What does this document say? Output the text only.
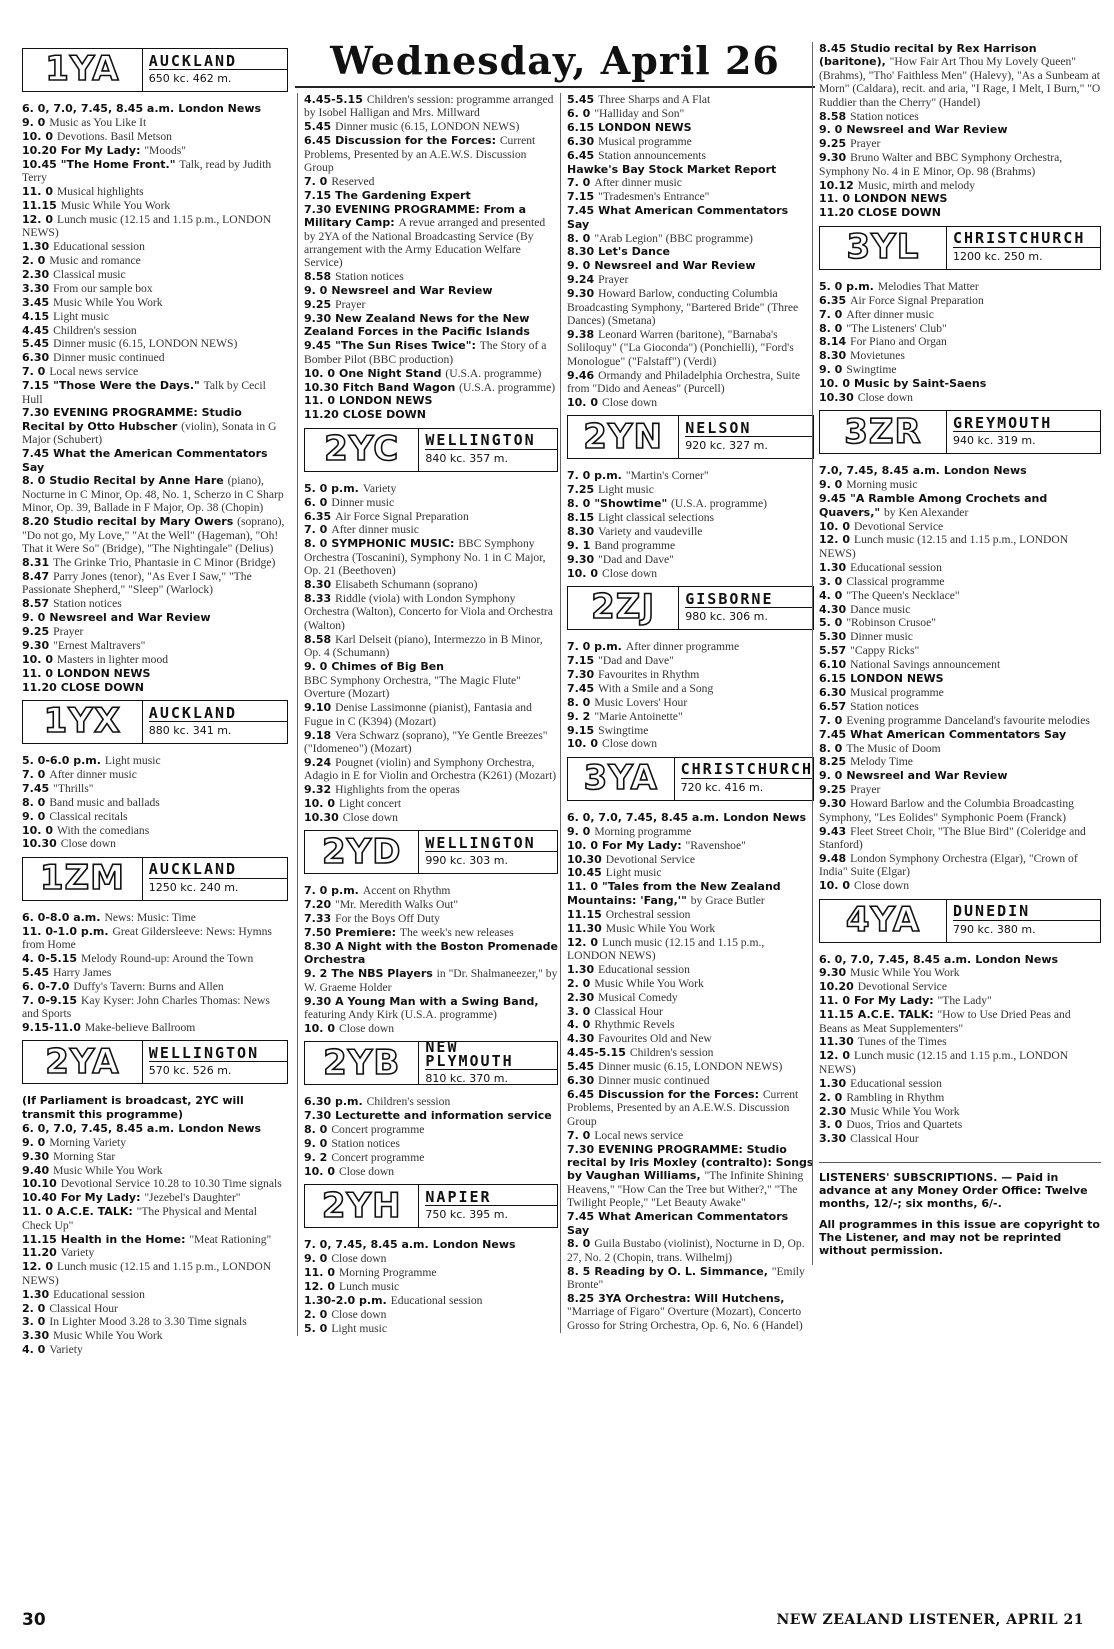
Wednesday, April 26
1YA	AUCKLAND
650 kc. 462 m.
6. 0, 7.0, 7.45, 8.45 a.m. London News
9. 0 Music as You Like It
10. 0 Devotions. Basil Metson
10.20 For My Lady: "Moods"
10.45 "The Home Front." Talk, read by Judith Terry
11. 0 Musical highlights
11.15 Music While You Work
12. 0 Lunch music (12.15 and 1.15 p.m., LONDON NEWS)
1.30 Educational session
2. 0 Music and romance
2.30 Classical music
3.30 From our sample box
3.45 Music While You Work
4.15 Light music
4.45 Children's session
5.45 Dinner music (6.15, LONDON NEWS)
6.30 Dinner music continued
7. 0 Local news service
7.15 "Those Were the Days." Talk by Cecil Hull
7.30 EVENING PROGRAMME: Studio Recital by Otto Hubscher (violin), Sonata in G Major (Schubert)
7.45 What the American Commentators Say
8. 0 Studio Recital by Anne Hare (piano), Nocturne in C Minor, Op. 48, No. 1, Scherzo in C Sharp Minor, Op. 39, Ballade in F Major, Op. 38 (Chopin)
8.20 Studio recital by Mary Owers (soprano), "Do not go, My Love," "At the Well" (Hageman), "Oh! That it Were So" (Bridge), "The Nightingale" (Delius)
8.31 The Grinke Trio, Phantasie in C Minor (Bridge)
8.47 Parry Jones (tenor), "As Ever I Saw," "The Passionate Shepherd," "Sleep" (Warlock)
8.57 Station notices
9. 0 Newsreel and War Review
9.25 Prayer
9.30 "Ernest Maltravers"
10. 0 Masters in lighter mood
11. 0 LONDON NEWS
11.20 CLOSE DOWN
1YX	AUCKLAND
880 kc. 341 m.
5. 0-6.0 p.m. Light music
7. 0 After dinner music
7.45 "Thrills"
8. 0 Band music and ballads
9. 0 Classical recitals
10. 0 With the comedians
10.30 Close down
1ZM	AUCKLAND
1250 kc. 240 m.
6. 0-8.0 a.m. News: Music: Time
11. 0-1.0 p.m. Great Gildersleeve: News: Hymns from Home
4. 0-5.15 Melody Round-up: Around the Town
5.45 Harry James
6. 0-7.0 Duffy's Tavern: Burns and Allen
7. 0-9.15 Kay Kyser: John Charles Thomas: News and Sports
9.15-11.0 Make-believe Ballroom
2YA	WELLINGTON
570 kc. 526 m.
(If Parliament is broadcast, 2YC will transmit this programme)
6. 0, 7.0, 7.45, 8.45 a.m. London News
9. 0 Morning Variety
9.30 Morning Star
9.40 Music While You Work
10.10 Devotional Service 10.28 to 10.30 Time signals
10.40 For My Lady: "Jezebel's Daughter"
11. 0 A.C.E. TALK: "The Physical and Mental Check Up"
11.15 Health in the Home: "Meat Rationing"
11.20 Variety
12. 0 Lunch music (12.15 and 1.15 p.m., LONDON NEWS)
1.30 Educational session
2. 0 Classical Hour
3. 0 In Lighter Mood 3.28 to 3.30 Time signals
3.30 Music While You Work
4. 0 Variety
4.45-5.15 Children's session: programme arranged by Isobel Halligan and Mrs. Millward
5.45 Dinner music (6.15, LONDON NEWS)
6.45 Discussion for the Forces: Current Problems, Presented by an A.E.W.S. Discussion Group
7. 0 Reserved
7.15 The Gardening Expert
7.30 EVENING PROGRAMME: From a Military Camp: A revue arranged and presented by 2YA of the National Broadcasting Service (By arrangement with the Army Education Welfare Service)
8.58 Station notices
9. 0 Newsreel and War Review
9.25 Prayer
9.30 New Zealand News for the New Zealand Forces in the Pacific Islands
9.45 "The Sun Rises Twice": The Story of a Bomber Pilot (BBC production)
10. 0 One Night Stand (U.S.A. programme)
10.30 Fitch Band Wagon (U.S.A. programme)
11. 0 LONDON NEWS
11.20 CLOSE DOWN
2YC	WELLINGTON
840 kc. 357 m.
5. 0 p.m. Variety
6. 0 Dinner music
6.35 Air Force Signal Preparation
7. 0 After dinner music
8. 0 SYMPHONIC MUSIC: BBC Symphony Orchestra (Toscanini), Symphony No. 1 in C Major, Op. 21 (Beethoven)
8.30 Elisabeth Schumann (soprano)
8.33 Riddle (viola) with London Symphony Orchestra (Walton), Concerto for Viola and Orchestra (Walton)
8.58 Karl Delseit (piano), Intermezzo in B Minor, Op. 4 (Schumann)
9. 0 Chimes of Big Ben
BBC Symphony Orchestra, "The Magic Flute" Overture (Mozart)
9.10 Denise Lassimonne (pianist), Fantasia and Fugue in C (K394) (Mozart)
9.18 Vera Schwarz (soprano), "Ye Gentle Breezes" ("Idomeneo") (Mozart)
9.24 Pougnet (violin) and Symphony Orchestra, Adagio in E for Violin and Orchestra (K261) (Mozart)
9.32 Highlights from the operas
10. 0 Light concert
10.30 Close down
2YD	WELLINGTON
990 kc. 303 m.
7. 0 p.m. Accent on Rhythm
7.20 "Mr. Meredith Walks Out"
7.33 For the Boys Off Duty
7.50 Premiere: The week's new releases
8.30 A Night with the Boston Promenade Orchestra
9. 2 The NBS Players in "Dr. Shalmaneezer," by W. Graeme Holder
9.30 A Young Man with a Swing Band, featuring Andy Kirk (U.S.A. programme)
10. 0 Close down
2YB	NEW PLYMOUTH
810 kc. 370 m.
6.30 p.m. Children's session
7.30 Lecturette and information service
8. 0 Concert programme
9. 0 Station notices
9. 2 Concert programme
10. 0 Close down
2YH	NAPIER
750 kc. 395 m.
7. 0, 7.45, 8.45 a.m. London News
9. 0 Close down
11. 0 Morning Programme
12. 0 Lunch music
1.30-2.0 p.m. Educational session
2. 0 Close down
5. 0 Light music
5.45 Three Sharps and A Flat
6. 0 "Halliday and Son"
6.15 LONDON NEWS
6.30 Musical programme
6.45 Station announcements
Hawke's Bay Stock Market Report
7. 0 After dinner music
7.15 "Tradesmen's Entrance"
7.45 What American Commentators Say
8. 0 "Arab Legion" (BBC programme)
8.30 Let's Dance
9. 0 Newsreel and War Review
9.24 Prayer
9.30 Howard Barlow, conducting Columbia Broadcasting Symphony, "Bartered Bride" (Three Dances) (Smetana)
9.38 Leonard Warren (baritone), "Barnaba's Soliloquy" ("La Gioconda") (Ponchielli), "Ford's Monologue" ("Falstaff") (Verdi)
9.46 Ormandy and Philadelphia Orchestra, Suite from "Dido and Aeneas" (Purcell)
10. 0 Close down
2YN	NELSON
920 kc. 327 m.
7. 0 p.m. "Martin's Corner"
7.25 Light music
8. 0 "Showtime" (U.S.A. programme)
8.15 Light classical selections
8.30 Variety and vaudeville
9. 1 Band programme
9.30 "Dad and Dave"
10. 0 Close down
2ZJ	GISBORNE
980 kc. 306 m.
7. 0 p.m. After dinner programme
7.15 "Dad and Dave"
7.30 Favourites in Rhythm
7.45 With a Smile and a Song
8. 0 Music Lovers' Hour
9. 2 "Marie Antoinette"
9.15 Swingtime
10. 0 Close down
3YA	CHRISTCHURCH
720 kc. 416 m.
6. 0, 7.0, 7.45, 8.45 a.m. London News
9. 0 Morning programme
10. 0 For My Lady: "Ravenshoe"
10.30 Devotional Service
10.45 Light music
11. 0 "Tales from the New Zealand Mountains: 'Fang,'" by Grace Butler
11.15 Orchestral session
11.30 Music While You Work
12. 0 Lunch music (12.15 and 1.15 p.m., LONDON NEWS)
1.30 Educational session
2. 0 Music While You Work
2.30 Musical Comedy
3. 0 Classical Hour
4. 0 Rhythmic Revels
4.30 Favourites Old and New
4.45-5.15 Children's session
5.45 Dinner music (6.15, LONDON NEWS)
6.30 Dinner music continued
6.45 Discussion for the Forces: Current Problems, Presented by an A.E.W.S. Discussion Group
7. 0 Local news service
7.30 EVENING PROGRAMME: Studio recital by Iris Moxley (contralto): Songs by Vaughan Williams, "The Infinite Shining Heavens," "How Can the Tree but Wither?," "The Twilight People," "Let Beauty Awake"
7.45 What American Commentators Say
8. 0 Guila Bustabo (violinist), Nocturne in D, Op. 27, No. 2 (Chopin, trans. Wilhelmj)
8. 5 Reading by O. L. Simmance, "Emily Bronte"
8.25 3YA Orchestra: Will Hutchens, "Marriage of Figaro" Overture (Mozart), Concerto Grosso for String Orchestra, Op. 6, No. 6 (Handel)
8.45 Studio recital by Rex Harrison (baritone), "How Fair Art Thou My Lovely Queen" (Brahms), "Tho' Faithless Men" (Halevy), "As a Sunbeam at Morn" (Caldara), recit. and aria, "I Rage, I Melt, I Burn," "O Ruddier than the Cherry" (Handel)
8.58 Station notices
9. 0 Newsreel and War Review
9.25 Prayer
9.30 Bruno Walter and BBC Symphony Orchestra, Symphony No. 4 in E Minor, Op. 98 (Brahms)
10.12 Music, mirth and melody
11. 0 LONDON NEWS
11.20 CLOSE DOWN
3YL	CHRISTCHURCH
1200 kc. 250 m.
5. 0 p.m. Melodies That Matter
6.35 Air Force Signal Preparation
7. 0 After dinner music
8. 0 "The Listeners' Club"
8.14 For Piano and Organ
8.30 Movietunes
9. 0 Swingtime
10. 0 Music by Saint-Saens
10.30 Close down
3ZR	GREYMOUTH
940 kc. 319 m.
7.0, 7.45, 8.45 a.m. London News
9. 0 Morning music
9.45 "A Ramble Among Crochets and Quavers," by Ken Alexander
10. 0 Devotional Service
12. 0 Lunch music (12.15 and 1.15 p.m., LONDON NEWS)
1.30 Educational session
3. 0 Classical programme
4. 0 "The Queen's Necklace"
4.30 Dance music
5. 0 "Robinson Crusoe"
5.30 Dinner music
5.57 "Cappy Ricks"
6.10 National Savings announcement
6.15 LONDON NEWS
6.30 Musical programme
6.57 Station notices
7. 0 Evening programme Danceland's favourite melodies
7.45 What American Commentators Say
8. 0 The Music of Doom
8.25 Melody Time
9. 0 Newsreel and War Review
9.25 Prayer
9.30 Howard Barlow and the Columbia Broadcasting Symphony, "Les Eolides" Symphonic Poem (Franck)
9.43 Fleet Street Choir, "The Blue Bird" (Coleridge and Stanford)
9.48 London Symphony Orchestra (Elgar), "Crown of India" Suite (Elgar)
10. 0 Close down
4YA	DUNEDIN
790 kc. 380 m.
6. 0, 7.0, 7.45, 8.45 a.m. London News
9.30 Music While You Work
10.20 Devotional Service
11. 0 For My Lady: "The Lady"
11.15 A.C.E. TALK: "How to Use Dried Peas and Beans as Meat Supplementers"
11.30 Tunes of the Times
12. 0 Lunch music (12.15 and 1.15 p.m., LONDON NEWS)
1.30 Educational session
2. 0 Rambling in Rhythm
2.30 Music While You Work
3. 0 Duos, Trios and Quartets
3.30 Classical Hour

LISTENERS' SUBSCRIPTIONS. — Paid in advance at any Money Order Office: Twelve months, 12/-; six months, 6/-.

All programmes in this issue are copyright to The Listener, and may not be reprinted without permission.

30	NEW ZEALAND LISTENER, APRIL 21
